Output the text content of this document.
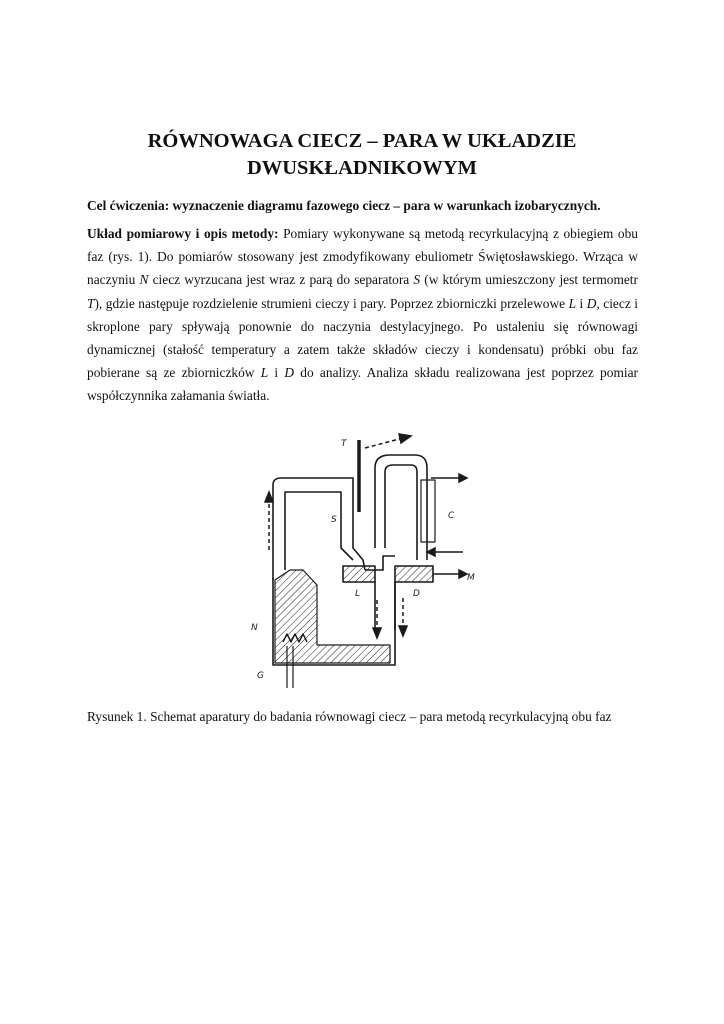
RÓWNOWAGA CIECZ – PARA W UKŁADZIE
DWUSKŁADNIKOWYM

Cel ćwiczenia: wyznaczenie diagramu fazowego ciecz – para w warunkach izobarycznych.

Układ pomiarowy i opis metody: Pomiary wykonywane są metodą recyrkulacyjną z obiegiem obu faz (rys. 1). Do pomiarów stosowany jest zmodyfikowany ebuliometr Świętosławskiego. Wrząca w naczyniu N ciecz wyrzucana jest wraz z parą do separatora S (w którym umieszczony jest termometr T), gdzie następuje rozdzielenie strumieni cieczy i pary. Poprzez zbiorniczki przelewowe L i D, ciecz i skroplone pary spływają ponownie do naczynia destylacyjnego. Po ustaleniu się równowagi dynamicznej (stałość temperatury a zatem także składów cieczy i kondensatu) próbki obu faz pobierane są ze zbiorniczków L i D do analizy. Analiza składu realizowana jest poprzez pomiar współczynnika załamania światła.

T
S	C
M
L	D
N
G

Rysunek 1. Schemat aparatury do badania równowagi ciecz – para metodą recyrkulacyjną obu faz
